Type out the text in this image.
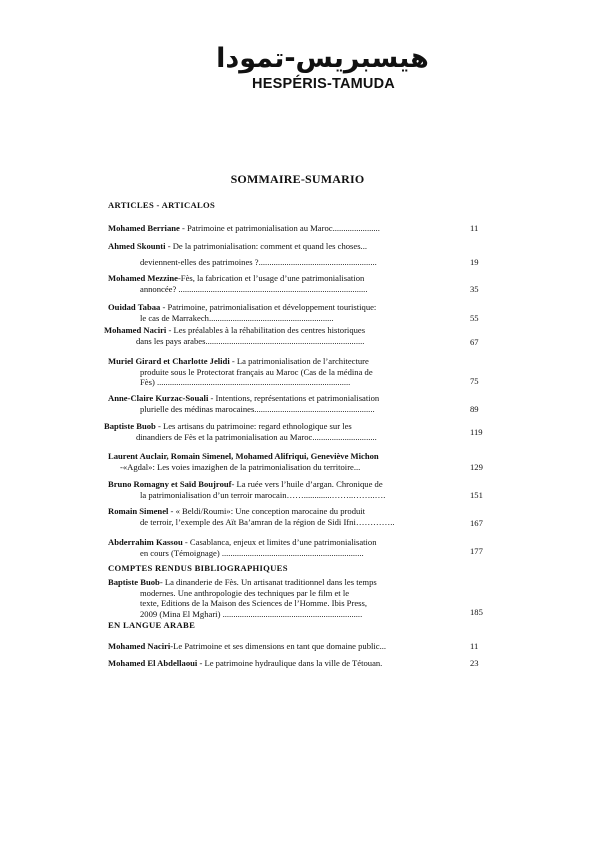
هيسبريس-تمودا
HESPÉRIS-TAMUDA
SOMMAIRE-SUMARIO
ARTICLES - ARTICALOS
Mohamed Berriane - Patrimoine et patrimonialisation au Maroc......................	11
Ahmed Skounti - De la patrimonialisation: comment et quand les choses...
deviennent-elles des patrimoines ?.......................................................	19
Mohamed Mezzine-Fès, la fabrication et l’usage d’une patrimonialisation
annoncée? ........................................................................................	35
Ouidad Tabaa - Patrimoine, patrimonialisation et développement touristique:
le cas de Marrakech..........................................................	55
Mohamed Naciri - Les préalables à la réhabilitation des centres historiques
dans les pays arabes..........................................................................	67
Muriel Girard et Charlotte Jelidi - La patrimonialisation de l’architecture
produite sous le Protectorat français au Maroc (Cas de la médina de
Fès) ..........................................................................................	75
Anne-Claire Kurzac-Souali - Intentions, représentations et patrimonialisation
plurielle des médinas marocaines........................................................	89
Baptiste Buob - Les artisans du patrimoine: regard ethnologique sur les
dinandiers de Fès et la patrimonialisation au Maroc..............................	119
Laurent Auclair, Romain Simenel, Mohamed Alifriqui, Geneviève Michon
-«Agdal»: Les voies imazighen de la patrimonialisation du territoire...	129
Bruno Romagny et Saïd Boujrouf- La ruée vers l’huile d’argan. Chronique de
la patrimonialisation d’un terroir marocain…….............……..……..….	151
Romain Simenel - « Beldi/Roumi»: Une conception marocaine du produit
de terroir, l’exemple des Aït Ba’amran de la région de Sidi Ifni…………..	167
Abderrahim Kassou - Casablanca, enjeux et limites d’une patrimonialisation
en cours (Témoignage) ..................................................................	177
COMPTES RENDUS BIBLIOGRAPHIQUES
Baptiste Buob- La dinanderie de Fès. Un artisanat traditionnel dans les temps
modernes. Une anthropologie des techniques par le film et le
texte, Editions de la Maison des Sciences de l’Homme. Ibis Press,
2009 (Mina El Mghari) .................................................................	185
EN LANGUE ARABE
Mohamed Naciri-Le Patrimoine et ses dimensions en tant que domaine public...	11
Mohamed El Abdellaoui - Le patrimoine hydraulique dans la ville de Tétouan.	23
